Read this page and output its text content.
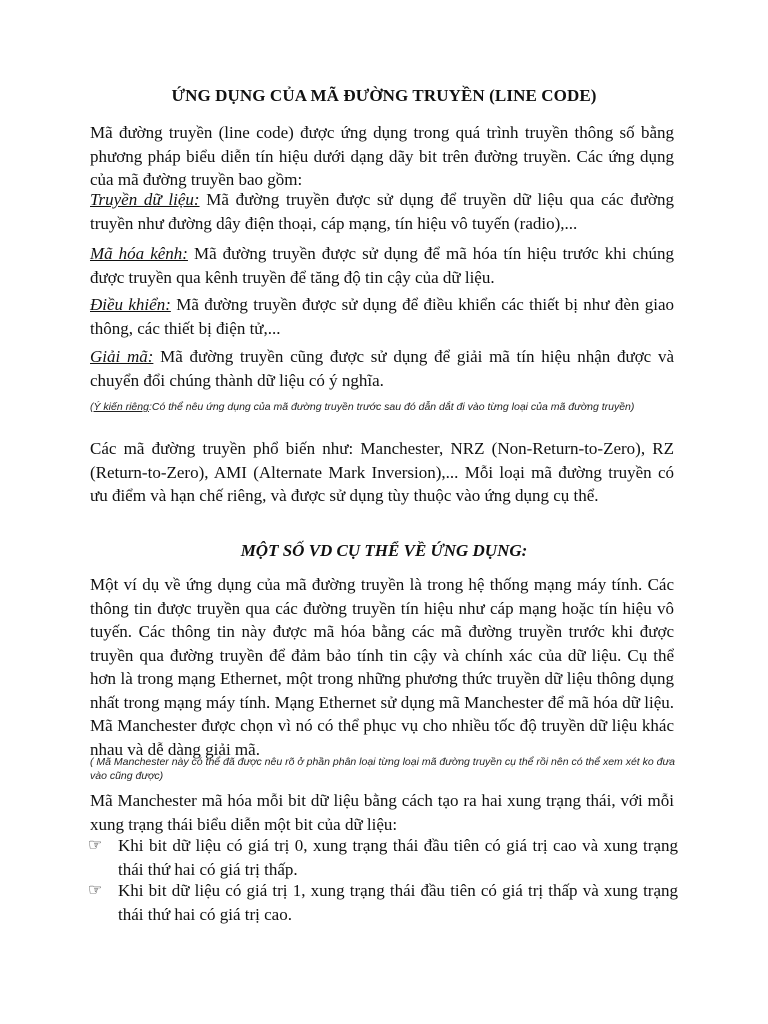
ỨNG DỤNG CỦA MÃ ĐƯỜNG TRUYỀN (LINE CODE)
Mã đường truyền (line code) được ứng dụng trong quá trình truyền thông số bằng phương pháp biểu diễn tín hiệu dưới dạng dãy bit trên đường truyền. Các ứng dụng của mã đường truyền bao gồm:
Truyền dữ liệu: Mã đường truyền được sử dụng để truyền dữ liệu qua các đường truyền như đường dây điện thoại, cáp mạng, tín hiệu vô tuyến (radio),...
Mã hóa kênh: Mã đường truyền được sử dụng để mã hóa tín hiệu trước khi chúng được truyền qua kênh truyền để tăng độ tin cậy của dữ liệu.
Điều khiển: Mã đường truyền được sử dụng để điều khiển các thiết bị như đèn giao thông, các thiết bị điện tử,...
Giải mã: Mã đường truyền cũng được sử dụng để giải mã tín hiệu nhận được và chuyển đổi chúng thành dữ liệu có ý nghĩa.
(Ý kiến riêng:Có thể nêu ứng dụng của mã đường truyền trước sau đó dẫn dắt đi vào từng loại của mã đường truyền)
Các mã đường truyền phổ biến như: Manchester, NRZ (Non-Return-to-Zero), RZ (Return-to-Zero), AMI (Alternate Mark Inversion),... Mỗi loại mã đường truyền có ưu điểm và hạn chế riêng, và được sử dụng tùy thuộc vào ứng dụng cụ thể.
MỘT SỐ VD CỤ THỂ VỀ ỨNG DỤNG:
Một ví dụ về ứng dụng của mã đường truyền là trong hệ thống mạng máy tính. Các thông tin được truyền qua các đường truyền tín hiệu như cáp mạng hoặc tín hiệu vô tuyến. Các thông tin này được mã hóa bằng các mã đường truyền trước khi được truyền qua đường truyền để đảm bảo tính tin cậy và chính xác của dữ liệu. Cụ thể hơn là trong mạng Ethernet, một trong những phương thức truyền dữ liệu thông dụng nhất trong mạng máy tính. Mạng Ethernet sử dụng mã Manchester để mã hóa dữ liệu. Mã Manchester được chọn vì nó có thể phục vụ cho nhiều tốc độ truyền dữ liệu khác nhau và dễ dàng giải mã.
( Mã Manchester này có thể đã được nêu rõ ở phần phân loại từng loại mã đường truyền cụ thể rồi nên có thể xem xét ko đưa vào cũng được)
Mã Manchester mã hóa mỗi bit dữ liệu bằng cách tạo ra hai xung trạng thái, với mỗi xung trạng thái biểu diễn một bit của dữ liệu:
☞ Khi bit dữ liệu có giá trị 0, xung trạng thái đầu tiên có giá trị cao và xung trạng thái thứ hai có giá trị thấp.
☞ Khi bit dữ liệu có giá trị 1, xung trạng thái đầu tiên có giá trị thấp và xung trạng thái thứ hai có giá trị cao.
